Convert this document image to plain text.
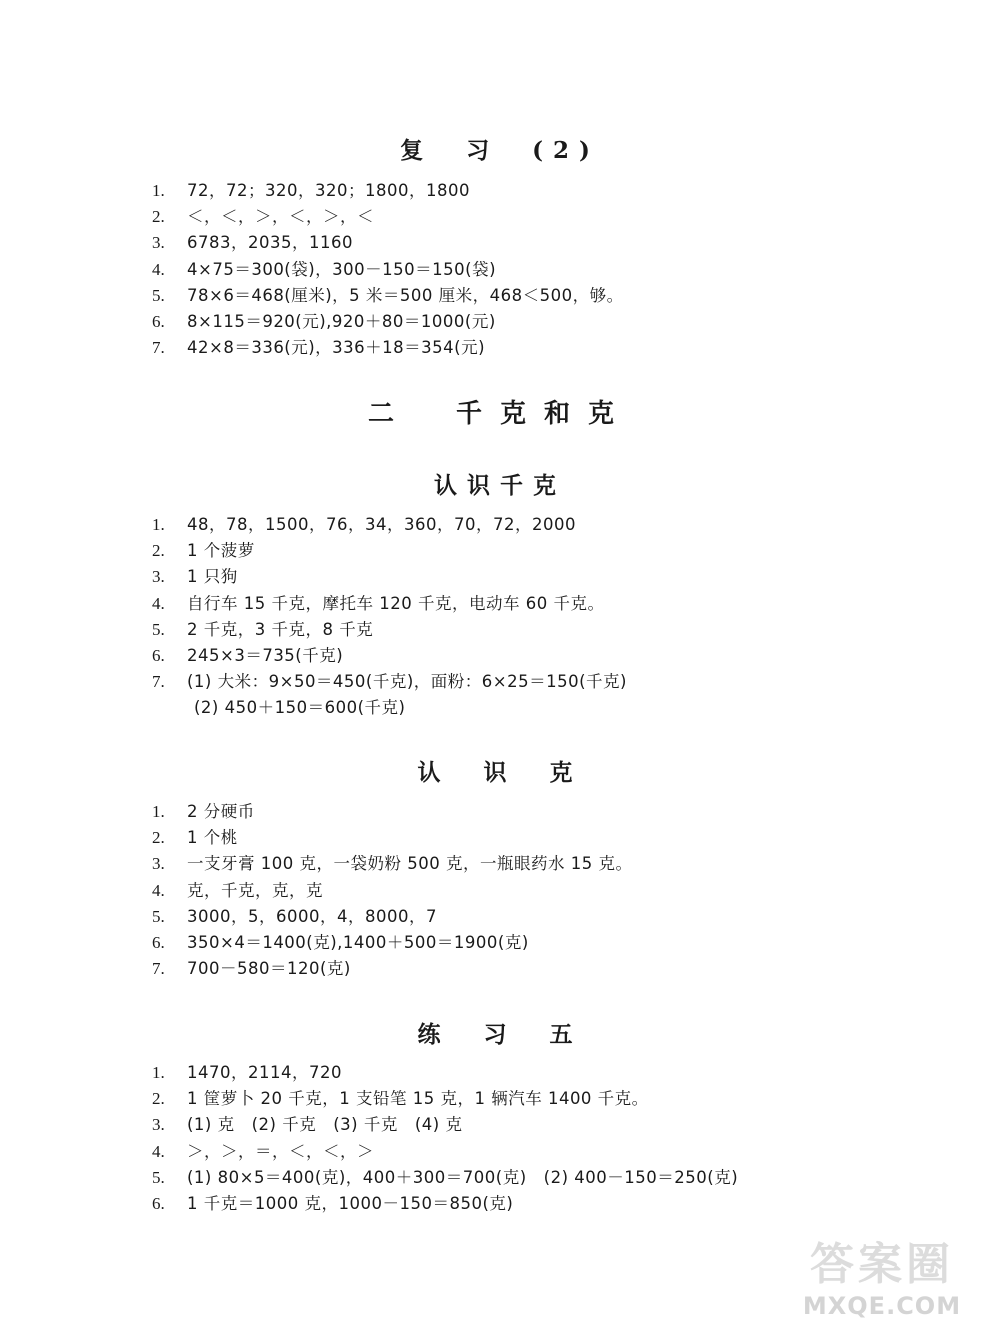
复　习　(2)
1.	72，72；320，320；1800，1800
2.	＜，＜，＞，＜，＞，＜
3.	6783，2035，1160
4.	4×75＝300(袋)，300－150＝150(袋)
5.	78×6＝468(厘米)，5 米＝500 厘米，468＜500，够。
6.	8×115＝920(元),920＋80＝1000(元)
7.	42×8＝336(元)，336＋18＝354(元)
二　千克和克
认识千克
1.	48，78，1500，76，34，360，70，72，2000
2.	1 个菠萝
3.	1 只狗
4.	自行车 15 千克，摩托车 120 千克，电动车 60 千克。
5.	2 千克，3 千克，8 千克
6.	245×3＝735(千克)
7.	(1) 大米：9×50＝450(千克)，面粉：6×25＝150(千克)
(2) 450＋150＝600(千克)
认　识　克
1.	2 分硬币
2.	1 个桃
3.	一支牙膏 100 克，一袋奶粉 500 克，一瓶眼药水 15 克。
4.	克，千克，克，克
5.	3000，5，6000，4，8000，7
6.	350×4＝1400(克),1400＋500＝1900(克)
7.	700－580＝120(克)
练　习　五
1.	1470，2114，720
2.	1 筐萝卜 20 千克，1 支铅笔 15 克，1 辆汽车 1400 千克。
3.	(1) 克　(2) 千克　(3) 千克　(4) 克
4.	＞，＞，＝，＜，＜，＞
5.	(1) 80×5＝400(克)，400＋300＝700(克)　(2) 400－150＝250(克)
6.	1 千克＝1000 克，1000－150＝850(克)
答案圈
MXQE.COM
